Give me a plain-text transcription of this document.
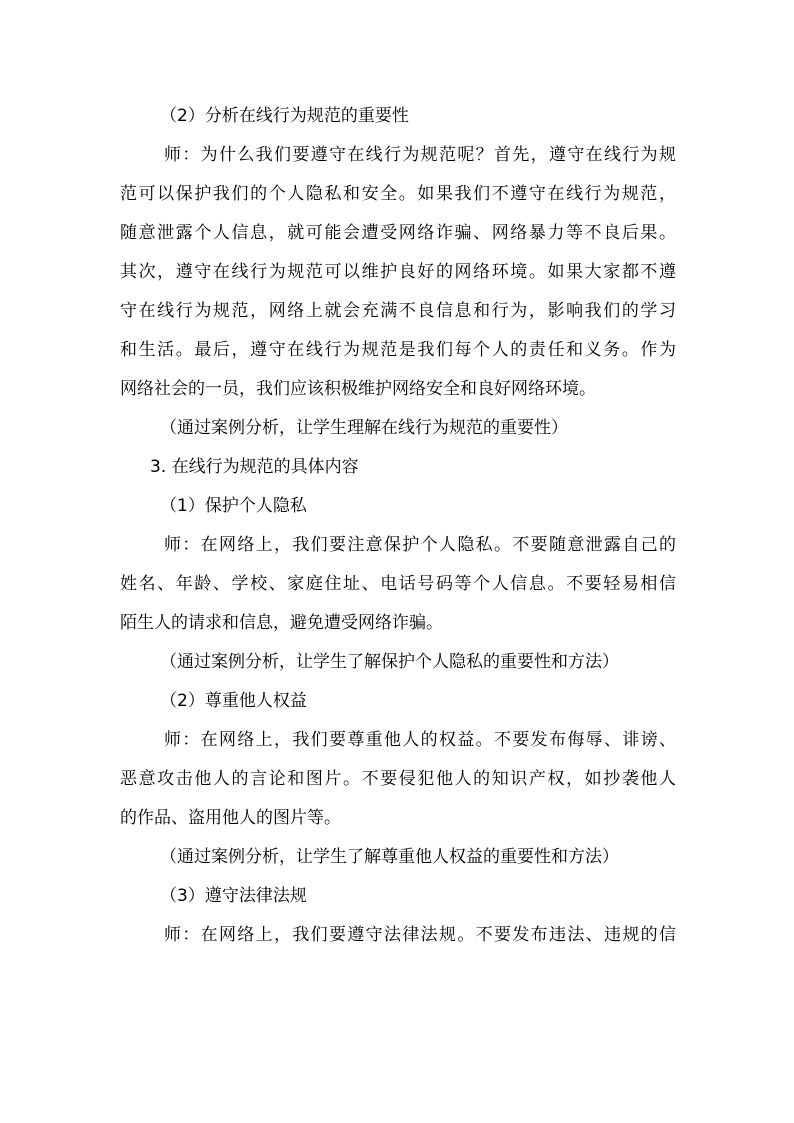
（2）分析在线行为规范的重要性
师：为什么我们要遵守在线行为规范呢？首先，遵守在线行为规
范可以保护我们的个人隐私和安全。如果我们不遵守在线行为规范，
随意泄露个人信息，就可能会遭受网络诈骗、网络暴力等不良后果。
其次，遵守在线行为规范可以维护良好的网络环境。如果大家都不遵
守在线行为规范，网络上就会充满不良信息和行为，影响我们的学习
和生活。最后，遵守在线行为规范是我们每个人的责任和义务。作为
网络社会的一员，我们应该积极维护网络安全和良好网络环境。
（通过案例分析，让学生理解在线行为规范的重要性）
3. 在线行为规范的具体内容
（1）保护个人隐私
师：在网络上，我们要注意保护个人隐私。不要随意泄露自己的
姓名、年龄、学校、家庭住址、电话号码等个人信息。不要轻易相信
陌生人的请求和信息，避免遭受网络诈骗。
（通过案例分析，让学生了解保护个人隐私的重要性和方法）
（2）尊重他人权益
师：在网络上，我们要尊重他人的权益。不要发布侮辱、诽谤、
恶意攻击他人的言论和图片。不要侵犯他人的知识产权，如抄袭他人
的作品、盗用他人的图片等。
（通过案例分析，让学生了解尊重他人权益的重要性和方法）
（3）遵守法律法规
师：在网络上，我们要遵守法律法规。不要发布违法、违规的信
